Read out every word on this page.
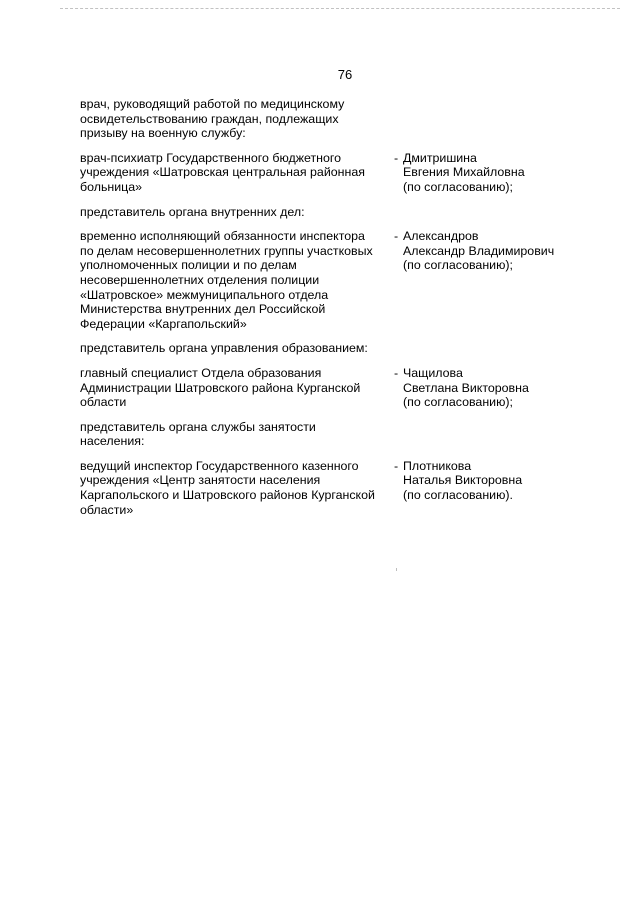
76
врач, руководящий работой по медицинскому
освидетельствованию граждан, подлежащих
призыву на военную службу:
врач-психиатр Государственного бюджетного
учреждения «Шатровская центральная районная
больница»
- Дмитришина
Евгения Михайловна
(по согласованию);
представитель органа внутренних дел:
временно исполняющий обязанности инспектора
по делам несовершеннолетних группы участковых
уполномоченных полиции и по делам
несовершеннолетних отделения полиции
«Шатровское» межмуниципального отдела
Министерства внутренних дел Российской
Федерации «Каргапольский»
- Александров
Александр Владимирович
(по согласованию);
представитель органа управления образованием:
главный специалист Отдела образования
Администрации Шатровского района Курганской
области
- Чащилова
Светлана Викторовна
(по согласованию);
представитель органа службы занятости
населения:
ведущий инспектор Государственного казенного
учреждения «Центр занятости населения
Каргапольского и Шатровского районов Курганской
области»
- Плотникова
Наталья Викторовна
(по согласованию).
